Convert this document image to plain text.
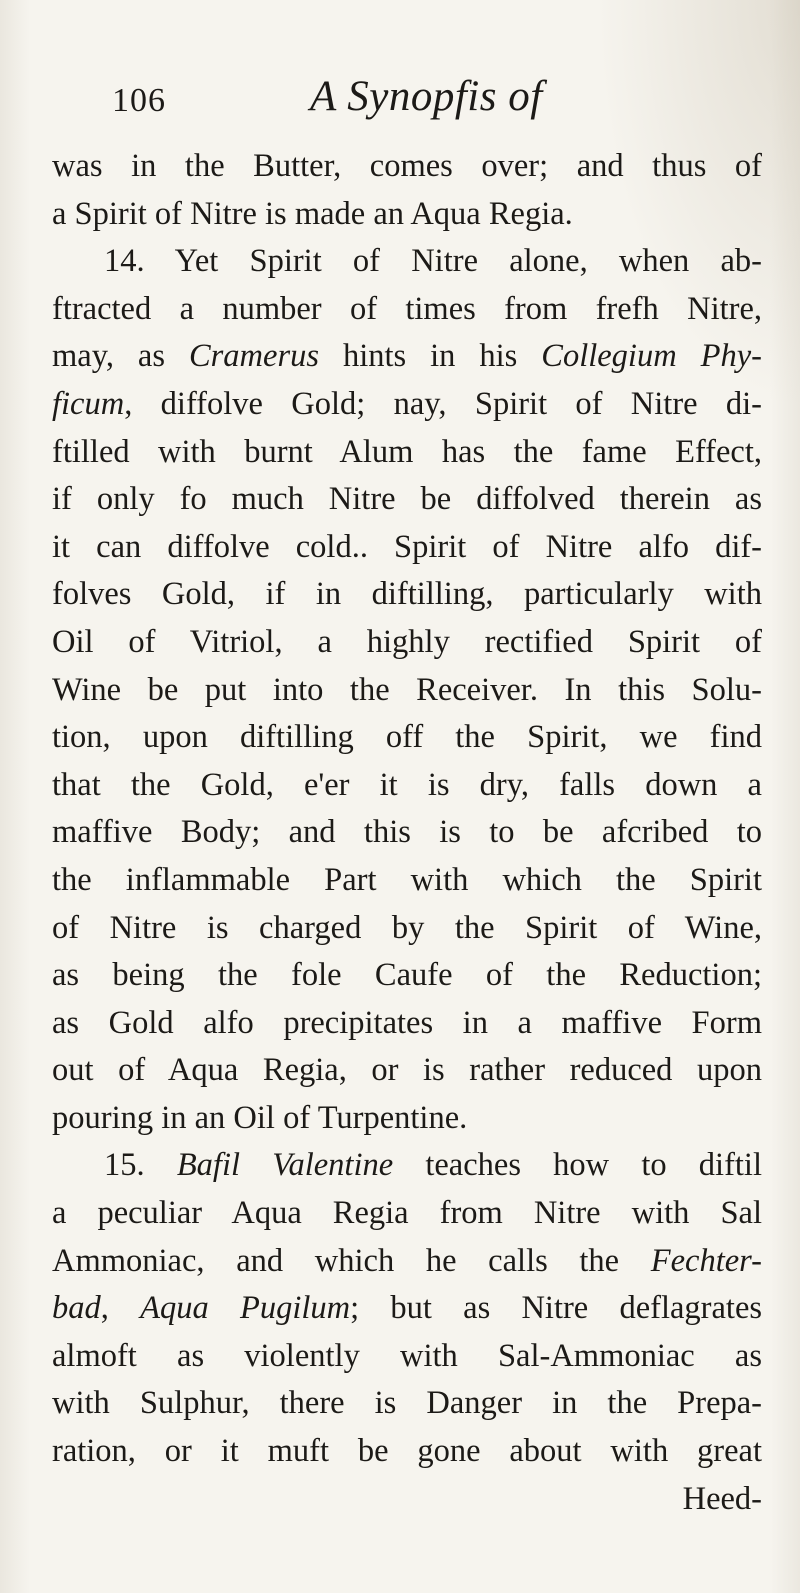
106	A Synopfis of
was in the Butter, comes over; and thus of
a Spirit of Nitre is made an Aqua Regia.
14. Yet Spirit of Nitre alone, when ab-
ftracted a number of times from frefh Nitre,
may, as Cramerus hints in his Collegium Phy-
ficum, diffolve Gold; nay, Spirit of Nitre di-
ftilled with burnt Alum has the fame Effect,
if only fo much Nitre be diffolved therein as
it can diffolve cold.. Spirit of Nitre alfo dif-
folves Gold, if in diftilling, particularly with
Oil of Vitriol, a highly rectified Spirit of
Wine be put into the Receiver. In this Solu-
tion, upon diftilling off the Spirit, we find
that the Gold, e'er it is dry, falls down a
maffive Body; and this is to be afcribed to
the inflammable Part with which the Spirit
of Nitre is charged by the Spirit of Wine,
as being the fole Caufe of the Reduction;
as Gold alfo precipitates in a maffive Form
out of Aqua Regia, or is rather reduced upon
pouring in an Oil of Turpentine.
15. Bafil Valentine teaches how to diftil
a peculiar Aqua Regia from Nitre with Sal
Ammoniac, and which he calls the Fechter-
bad, Aqua Pugilum; but as Nitre deflagrates
almoft as violently with Sal-Ammoniac as
with Sulphur, there is Danger in the Prepa-
ration, or it muft be gone about with great
Heed-
